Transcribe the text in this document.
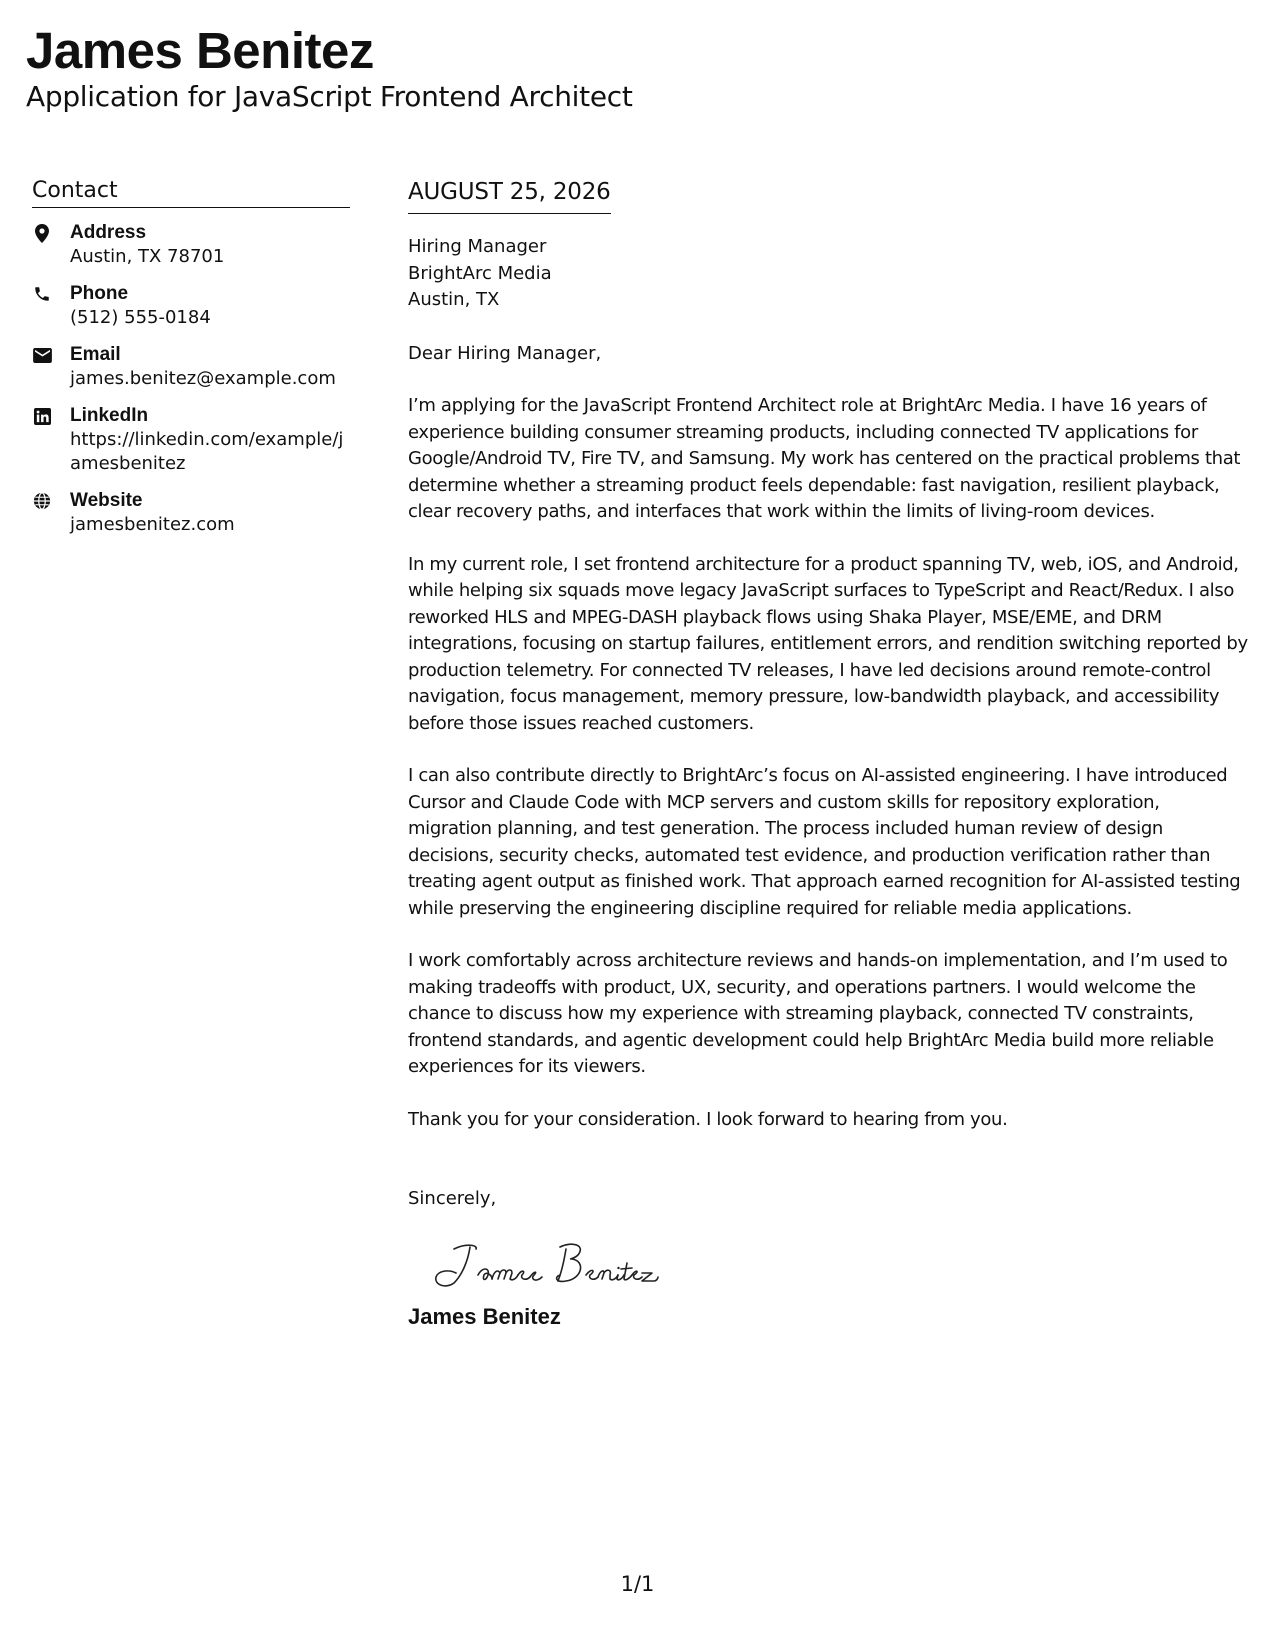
James Benitez
Application for JavaScript Frontend Architect
Contact
Address
Austin, TX 78701
Phone
(512) 555-0184
Email
james.benitez@example.com
LinkedIn
https://linkedin.com/example/jamesbenitez
Website
jamesbenitez.com
AUGUST 25, 2026
Hiring Manager
BrightArc Media
Austin, TX
Dear Hiring Manager,
I’m applying for the JavaScript Frontend Architect role at BrightArc Media. I have 16 years of experience building consumer streaming products, including connected TV applications for Google/Android TV, Fire TV, and Samsung. My work has centered on the practical problems that determine whether a streaming product feels dependable: fast navigation, resilient playback, clear recovery paths, and interfaces that work within the limits of living-room devices.
In my current role, I set frontend architecture for a product spanning TV, web, iOS, and Android, while helping six squads move legacy JavaScript surfaces to TypeScript and React/Redux. I also reworked HLS and MPEG-DASH playback flows using Shaka Player, MSE/EME, and DRM integrations, focusing on startup failures, entitlement errors, and rendition switching reported by production telemetry. For connected TV releases, I have led decisions around remote-control navigation, focus management, memory pressure, low-bandwidth playback, and accessibility before those issues reached customers.
I can also contribute directly to BrightArc’s focus on AI-assisted engineering. I have introduced Cursor and Claude Code with MCP servers and custom skills for repository exploration, migration planning, and test generation. The process included human review of design decisions, security checks, automated test evidence, and production verification rather than treating agent output as finished work. That approach earned recognition for AI-assisted testing while preserving the engineering discipline required for reliable media applications.
I work comfortably across architecture reviews and hands-on implementation, and I’m used to making tradeoffs with product, UX, security, and operations partners. I would welcome the chance to discuss how my experience with streaming playback, connected TV constraints, frontend standards, and agentic development could help BrightArc Media build more reliable experiences for its viewers.
Thank you for your consideration. I look forward to hearing from you.
Sincerely,
James Benitez
1/1
